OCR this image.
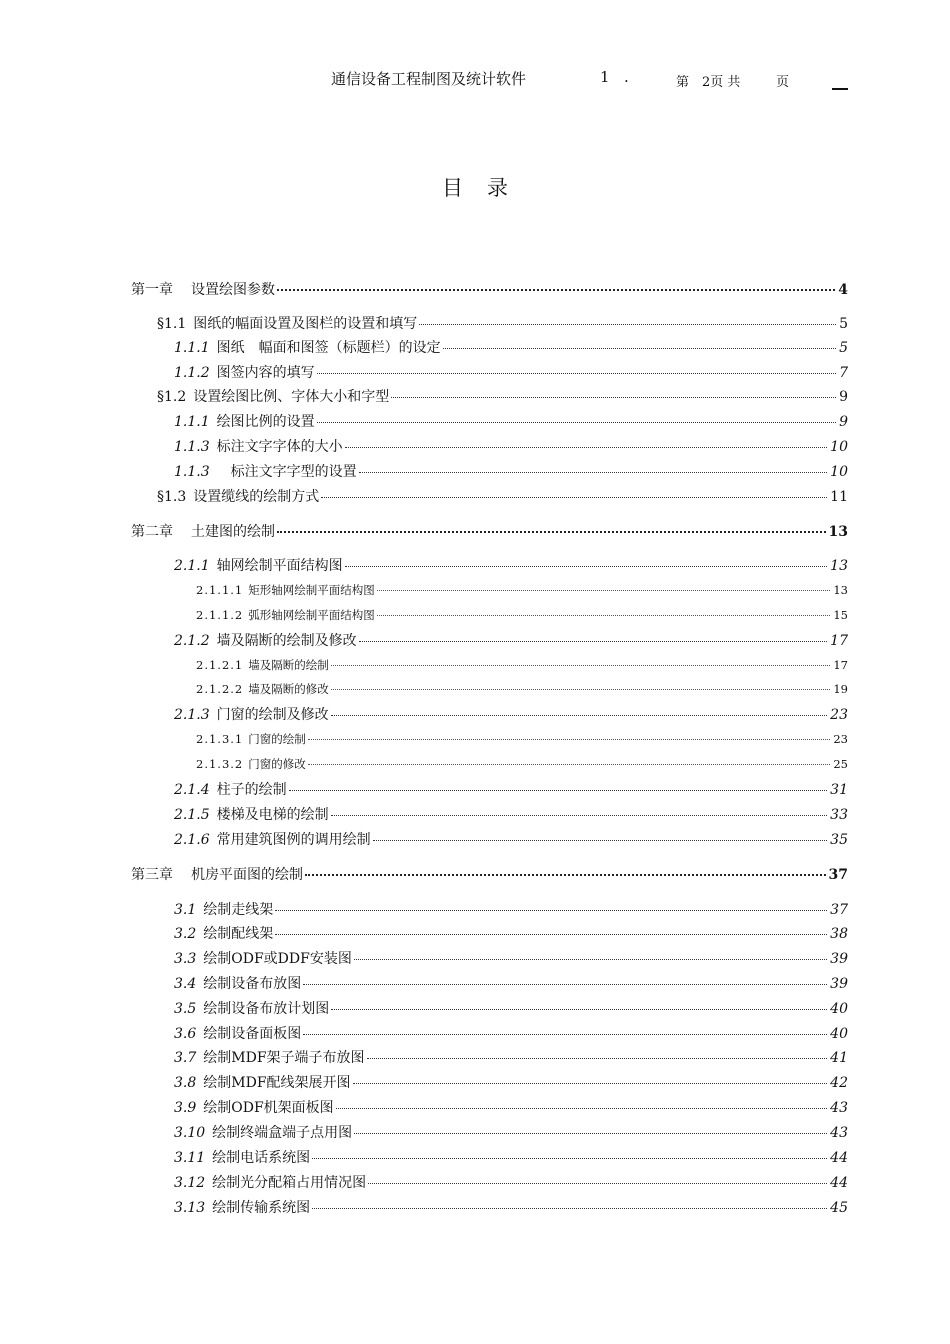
通信设备工程制图及统计软件	1 .	第　2页 共	页
目录
第一章 设置绘图参数	4
§1.1 图纸的幅面设置及图栏的设置和填写	5
1.1.1 图纸　幅面和图签（标题栏）的设定	5
1.1.2 图签内容的填写	7
§1.2 设置绘图比例、字体大小和字型	9
1.1.1 绘图比例的设置	9
1.1.3 标注文字字体的大小	10
1.1.3　标注文字字型的设置	10
§1.3 设置缆线的绘制方式	11
第二章 土建图的绘制	13
2.1.1 轴网绘制平面结构图	13
2.1.1.1 矩形轴网绘制平面结构图	13
2.1.1.2 弧形轴网绘制平面结构图	15
2.1.2 墙及隔断的绘制及修改	17
2.1.2.1 墙及隔断的绘制	17
2.1.2.2 墙及隔断的修改	19
2.1.3 门窗的绘制及修改	23
2.1.3.1 门窗的绘制	23
2.1.3.2 门窗的修改	25
2.1.4 柱子的绘制	31
2.1.5 楼梯及电梯的绘制	33
2.1.6 常用建筑图例的调用绘制	35
第三章 机房平面图的绘制	37
3.1 绘制走线架	37
3.2 绘制配线架	38
3.3 绘制ODF或DDF安装图	39
3.4 绘制设备布放图	39
3.5 绘制设备布放计划图	40
3.6 绘制设备面板图	40
3.7 绘制MDF架子端子布放图	41
3.8 绘制MDF配线架展开图	42
3.9 绘制ODF机架面板图	43
3.10 绘制终端盒端子点用图	43
3.11 绘制电话系统图	44
3.12 绘制光分配箱占用情况图	44
3.13 绘制传输系统图	45
